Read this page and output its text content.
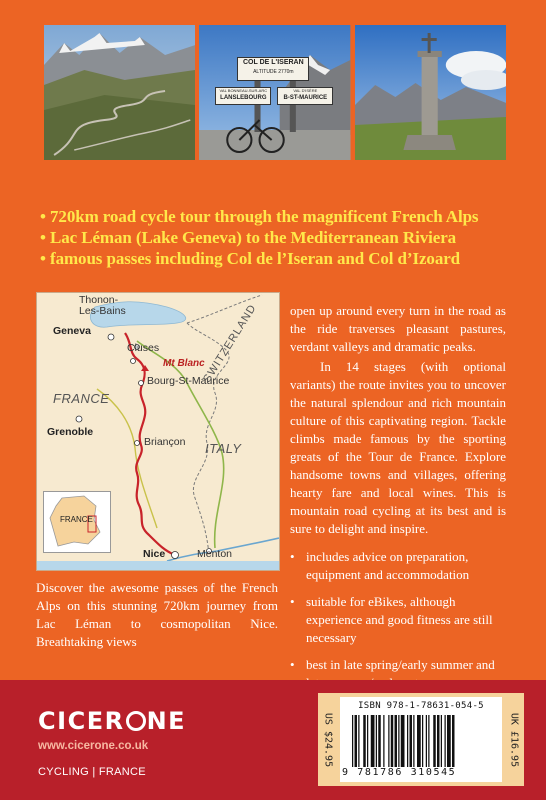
COL DE L'ISERAN
ALTITUDE 2770m
VAL BONNEAU-SUR-ARC
LANSLEBOURG
VAL D'ISÈRE
B-ST-MAURICE
• 720km road cycle tour through the magnificent French Alps
• Lac Léman (Lake Geneva) to the Mediterranean Riviera
• famous passes including Col de l’Iseran and Col d’Izoard
Thonon-
Les-Bains
Geneva
Cluses	SWITZERLAND
Mt Blanc
Bourg-St-Maurice
FRANCE
Grenoble
Briançon ITALY
FRANCE
Nice	Menton

open up around every turn in the road as the ride traverses pleasant pastures, verdant valleys and dramatic peaks.

In 14 stages (with optional variants) the route invites you to uncover the natural splendour and rich mountain culture of this captivating region. Tackle climbs made famous by the sporting greats of the Tour de France. Explore handsome towns and villages, offering hearty fare and local wines. This is mountain road cycling at its best and is sure to delight and inspire.

• includes advice on preparation, equipment and accommodation
• suitable for eBikes, although experience and good fitness are still necessary
• best in late spring/early summer and

Discover the awesome passes of the French Alps on this stunning 720km journey from Lac Léman to cosmopolitan Nice. Breathtaking views

CICER NE
www.cicerone.co.uk
CYCLING | FRANCE
US $24.95
ISBN 978-1-78631-054-5
9 781786 310545
UK £16.95
